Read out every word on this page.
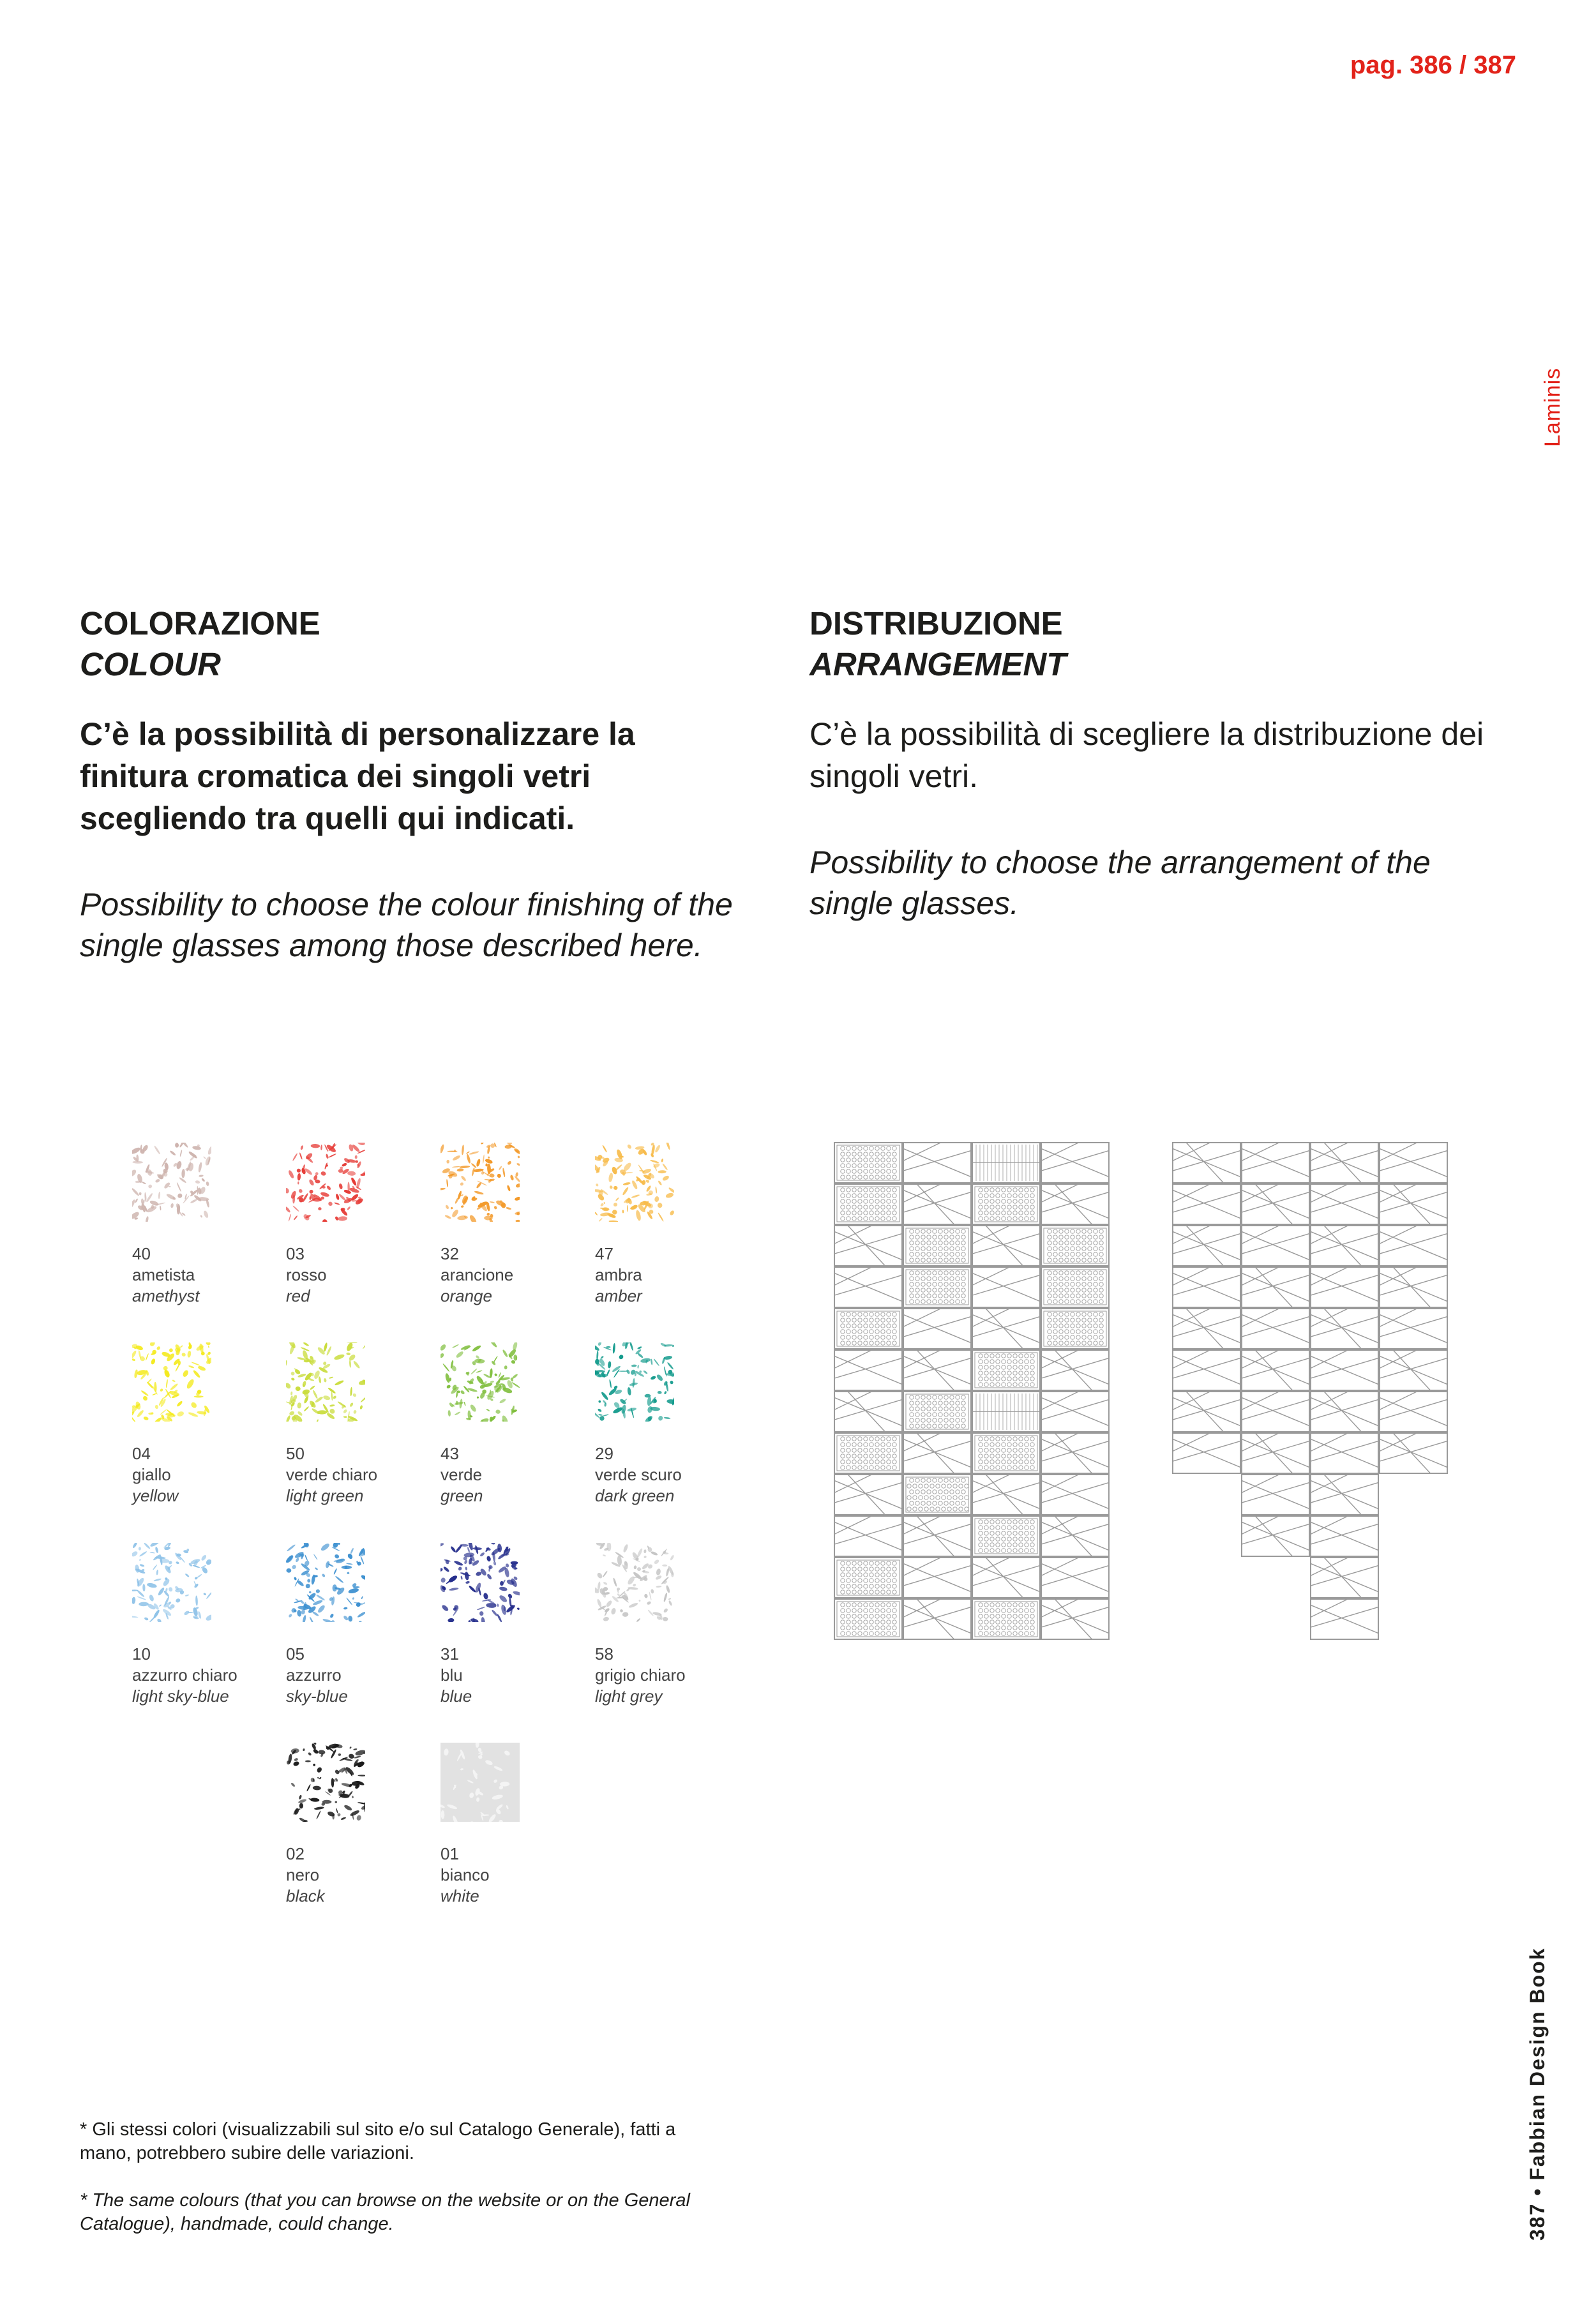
pag. 386 / 387
Laminis
387 • Fabbian Design Book
COLORAZIONE
COLOUR
C’è la possibilità di personalizzare la finitura cromatica dei singoli vetri scegliendo tra quelli qui indicati.
Possibility to choose the colour finishing of the single glasses among those described here.
DISTRIBUZIONE
ARRANGEMENT
C’è la possibilità di scegliere la distribuzione dei singoli vetri.
Possibility to choose the arrangement of the single glasses.
40
ametista
amethyst
03
rosso
red
32
arancione
orange
47
ambra
amber
04
giallo
yellow
50
verde chiaro
light green
43
verde
green
29
verde scuro
dark green
10
azzurro chiaro
light sky-blue
05
azzurro
sky-blue
31
blu
blue
58
grigio chiaro
light grey
02
nero
black
01
bianco
white
* Gli stessi colori (visualizzabili sul sito e/o sul Catalogo Generale), fatti a mano, potrebbero subire delle variazioni.
* The same colours (that you can browse on the website or on the General Catalogue), handmade, could change.
